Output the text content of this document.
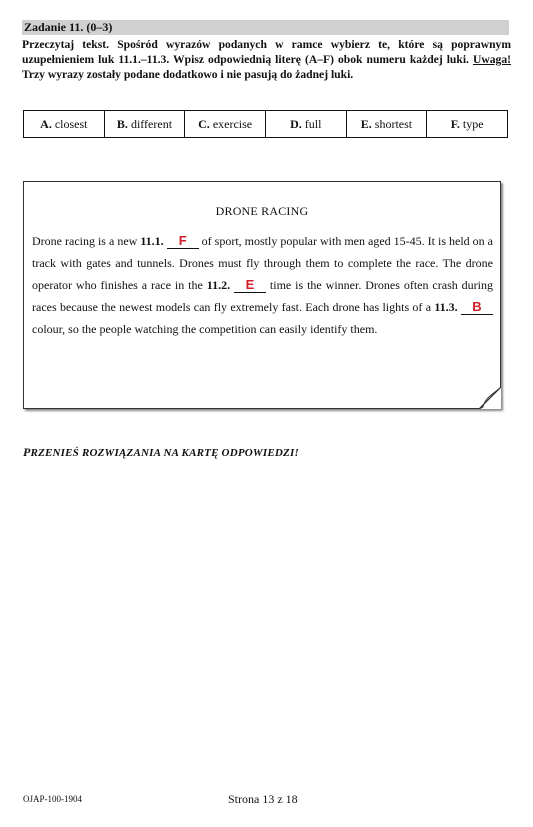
Zadanie 11. (0–3)
Przeczytaj tekst. Spośród wyrazów podanych w ramce wybierz te, które są poprawnym uzupełnieniem luk 11.1.–11.3. Wpisz odpowiednią literę (A–F) obok numeru każdej luki. Uwaga! Trzy wyrazy zostały podane dodatkowo i nie pasują do żadnej luki.
A. closest	B. different	C. exercise	D. full	E. shortest	F. type
DRONE RACING
Drone racing is a new 11.1. F of sport, mostly popular with men aged 15-45. It is held on a track with gates and tunnels. Drones must fly through them to complete the race. The drone operator who finishes a race in the 11.2. E time is the winner. Drones often crash during races because the newest models can fly extremely fast. Each drone has lights of a 11.3. B colour, so the people watching the competition can easily identify them.
PRZENIEŚ ROZWIĄZANIA NA KARTĘ ODPOWIEDZI!
OJAP-100-1904	Strona 13 z 18
